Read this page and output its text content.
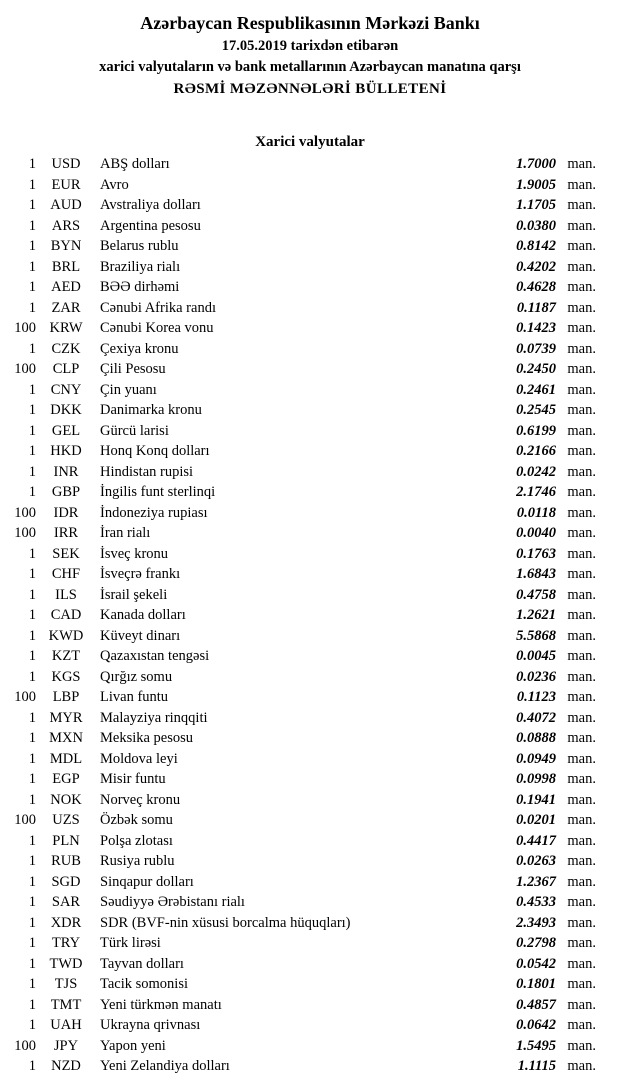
Azərbaycan Respublikasının Mərkəzi Bankı
17.05.2019 tarixdən etibarən
xarici valyutaların və bank metallarının Azərbaycan manatına qarşı
RƏSMİ MƏZƏNNƏLƏRİ BÜLLETENİ
Xarici valyutalar
1	USD	ABŞ dolları	1.7000 man.
1	EUR	Avro	1.9005 man.
1 AUD	Avstraliya dolları	1.1705 man.
1	ARS	Argentina pesosu	0.0380 man.
1	BYN	Belarus rublu	0.8142 man.
1	BRL	Braziliya rialı	0.4202 man.
1	AED	BƏƏ dirhəmi	0.4628 man.
1	ZAR	Cənubi Afrika randı	0.1187 man.
100 KRW	Cənubi Korea vonu	0.1423 man.
1	CZK	Çexiya kronu	0.0739 man.
100	CLP	Çili Pesosu	0.2450 man.
1	CNY	Çin yuanı	0.2461 man.
1 DKK	Danimarka kronu	0.2545 man.
1	GEL	Gürcü larisi	0.6199 man.
1 HKD	Honq Konq dolları	0.2166 man.
1	INR	Hindistan rupisi	0.0242 man.
1	GBP	İngilis funt sterlinqi	2.1746 man.
100	IDR	İndoneziya rupiası	0.0118 man.
100	IRR	İran rialı	0.0040 man.
1	SEK	İsveç kronu	0.1763 man.
1	CHF	İsveçrə frankı	1.6843 man.
1	ILS	İsrail şekeli	0.4758 man.
1	CAD	Kanada dolları	1.2621 man.
1 KWD	Küveyt dinarı	5.5868 man.
1	KZT	Qazaxıstan tengəsi	0.0045 man.
1	KGS	Qırğız somu	0.0236 man.
100	LBP	Livan funtu	0.1123 man.
1 MYR	Malayziya rinqqiti	0.4072 man.
1 MXN	Meksika pesosu	0.0888 man.
1 MDL	Moldova leyi	0.0949 man.
1	EGP	Misir funtu	0.0998 man.
1 NOK	Norveç kronu	0.1941 man.
100	UZS	Özbək somu	0.0201 man.
1	PLN	Polşa zlotası	0.4417 man.
1	RUB	Rusiya rublu	0.0263 man.
1	SGD	Sinqapur dolları	1.2367 man.
1	SAR	Səudiyyə Ərəbistanı rialı	0.4533 man.
1	XDR	SDR (BVF-nin xüsusi borcalma hüquqları)	2.3493 man.
1	TRY	Türk lirəsi	0.2798 man.
1 TWD	Tayvan dolları	0.0542 man.
1	TJS	Tacik somonisi	0.1801 man.
1	TMT	Yeni türkmən manatı	0.4857 man.
1 UAH	Ukrayna qrivnası	0.0642 man.
100	JPY	Yapon yeni	1.5495 man.
1	NZD	Yeni Zelandiya dolları	1.1115 man.
